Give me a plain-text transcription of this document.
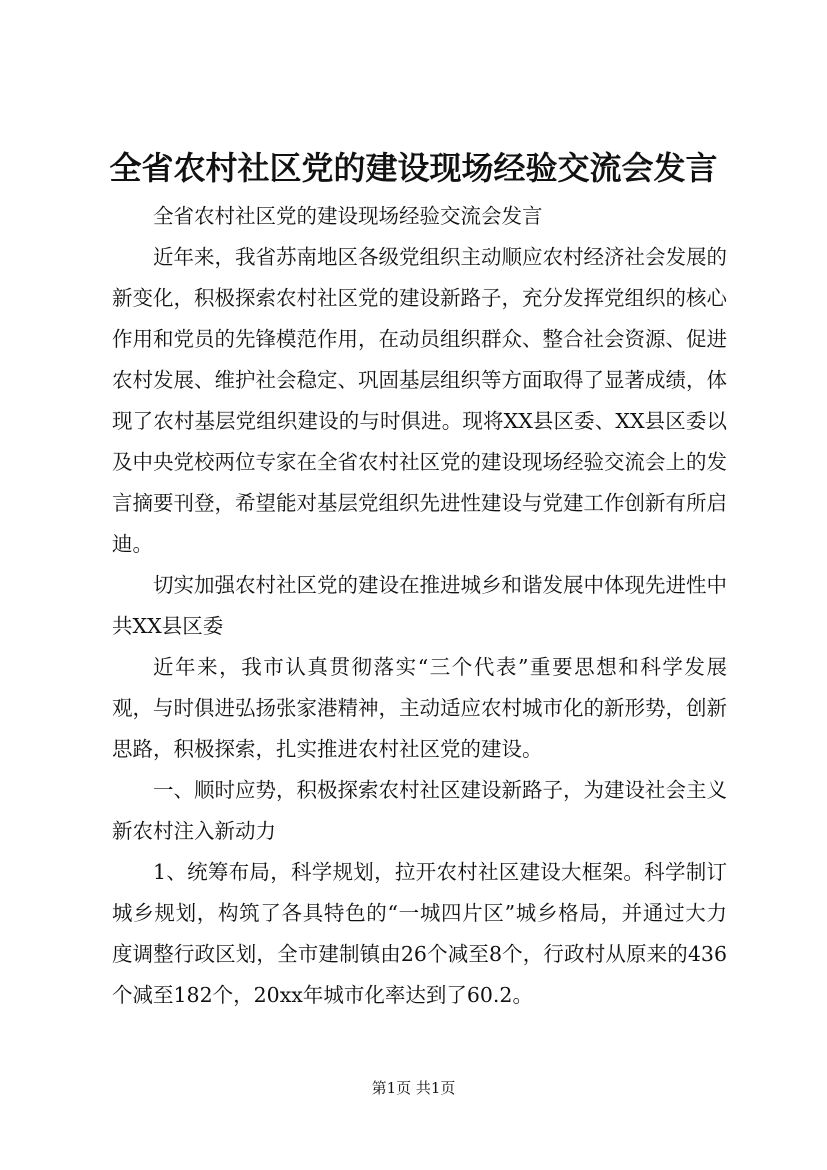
全省农村社区党的建设现场经验交流会发言

全省农村社区党的建设现场经验交流会发言

近年来，我省苏南地区各级党组织主动顺应农村经济社会发展的新变化，积极探索农村社区党的建设新路子，充分发挥党组织的核心作用和党员的先锋模范作用，在动员组织群众、整合社会资源、促进农村发展、维护社会稳定、巩固基层组织等方面取得了显著成绩，体现了农村基层党组织建设的与时俱进。现将XX县区委、XX县区委以及中央党校两位专家在全省农村社区党的建设现场经验交流会上的发言摘要刊登，希望能对基层党组织先进性建设与党建工作创新有所启迪。

切实加强农村社区党的建设在推进城乡和谐发展中体现先进性中共XX县区委

近年来，我市认真贯彻落实“三个代表”重要思想和科学发展观，与时俱进弘扬张家港精神，主动适应农村城市化的新形势，创新思路，积极探索，扎实推进农村社区党的建设。

一、顺时应势，积极探索农村社区建设新路子，为建设社会主义新农村注入新动力

1、统筹布局，科学规划，拉开农村社区建设大框架。科学制订城乡规划，构筑了各具特色的“一城四片区”城乡格局，并通过大力度调整行政区划，全市建制镇由26个减至8个，行政村从原来的436个减至182个，20xx年城市化率达到了60.2。

第1页 共1页
